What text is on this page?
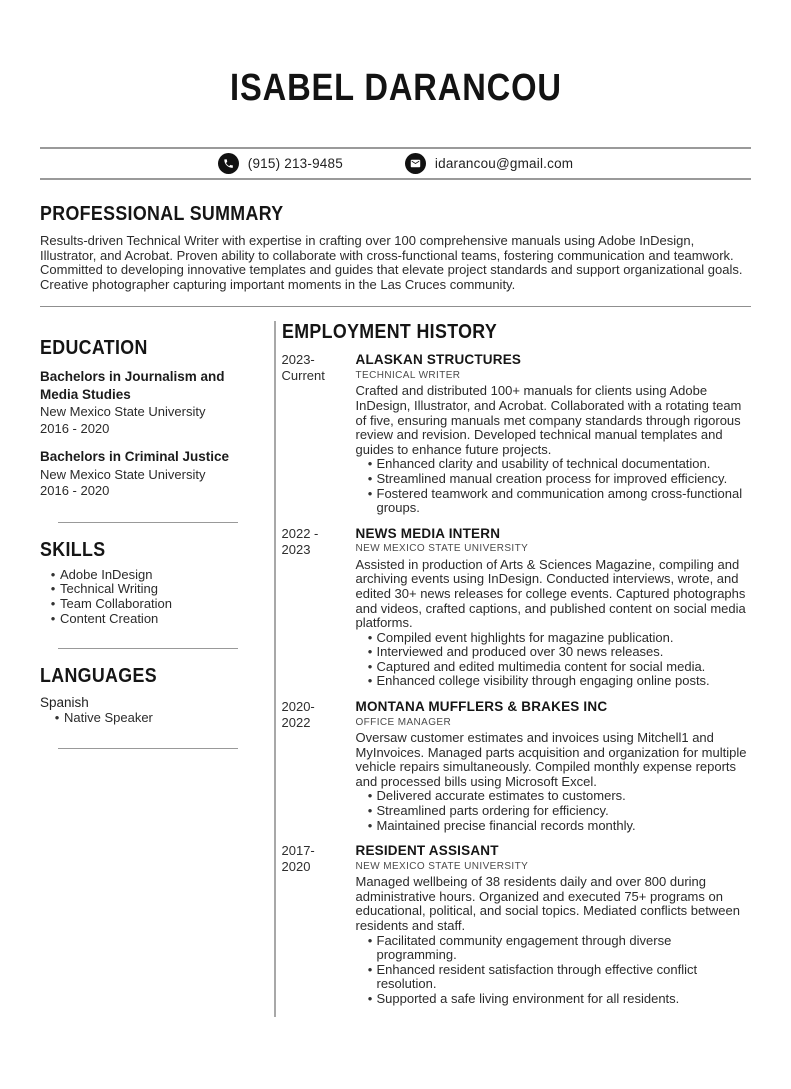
ISABEL DARANCOU
(915) 213-9485	idarancou@gmail.com
PROFESSIONAL SUMMARY

Results-driven Technical Writer with expertise in crafting over 100 comprehensive manuals using Adobe InDesign, Illustrator, and Acrobat. Proven ability to collaborate with cross-functional teams, fostering communication and teamwork. Committed to developing innovative templates and guides that elevate project standards and support organizational goals. Creative photographer capturing important moments in the Las Cruces community.

EDUCATION
Bachelors in Journalism and Media Studies
New Mexico State University
2016 - 2020
Bachelors in Criminal Justice
New Mexico State University
2016 - 2020
SKILLS
• Adobe InDesign
• Technical Writing
• Team Collaboration
• Content Creation
LANGUAGES
Spanish
• Native Speaker
EMPLOYMENT HISTORY
2023-
Current
ALASKAN STRUCTURES
TECHNICAL WRITER
Crafted and distributed 100+ manuals for clients using Adobe InDesign, Illustrator, and Acrobat. Collaborated with a rotating team of five, ensuring manuals met company standards through rigorous review and revision. Developed technical manual templates and guides to enhance future projects.
• Enhanced clarity and usability of technical documentation.
• Streamlined manual creation process for improved efficiency.
• Fostered teamwork and communication among cross-functional groups.
2022 -
2023
NEWS MEDIA INTERN
NEW MEXICO STATE UNIVERSITY
Assisted in production of Arts & Sciences Magazine, compiling and archiving events using InDesign. Conducted interviews, wrote, and edited 30+ news releases for college events. Captured photographs and videos, crafted captions, and published content on social media platforms.
• Compiled event highlights for magazine publication.
• Interviewed and produced over 30 news releases.
• Captured and edited multimedia content for social media.
• Enhanced college visibility through engaging online posts.
2020-
2022
MONTANA MUFFLERS & BRAKES INC
OFFICE MANAGER
Oversaw customer estimates and invoices using Mitchell1 and MyInvoices. Managed parts acquisition and organization for multiple vehicle repairs simultaneously. Compiled monthly expense reports and processed bills using Microsoft Excel.
• Delivered accurate estimates to customers.
• Streamlined parts ordering for efficiency.
• Maintained precise financial records monthly.
2017-
2020
RESIDENT ASSISANT
NEW MEXICO STATE UNIVERSITY
Managed wellbeing of 38 residents daily and over 800 during administrative hours. Organized and executed 75+ programs on educational, political, and social topics. Mediated conflicts between residents and staff.
• Facilitated community engagement through diverse programming.
• Enhanced resident satisfaction through effective conflict resolution.
• Supported a safe living environment for all residents.
